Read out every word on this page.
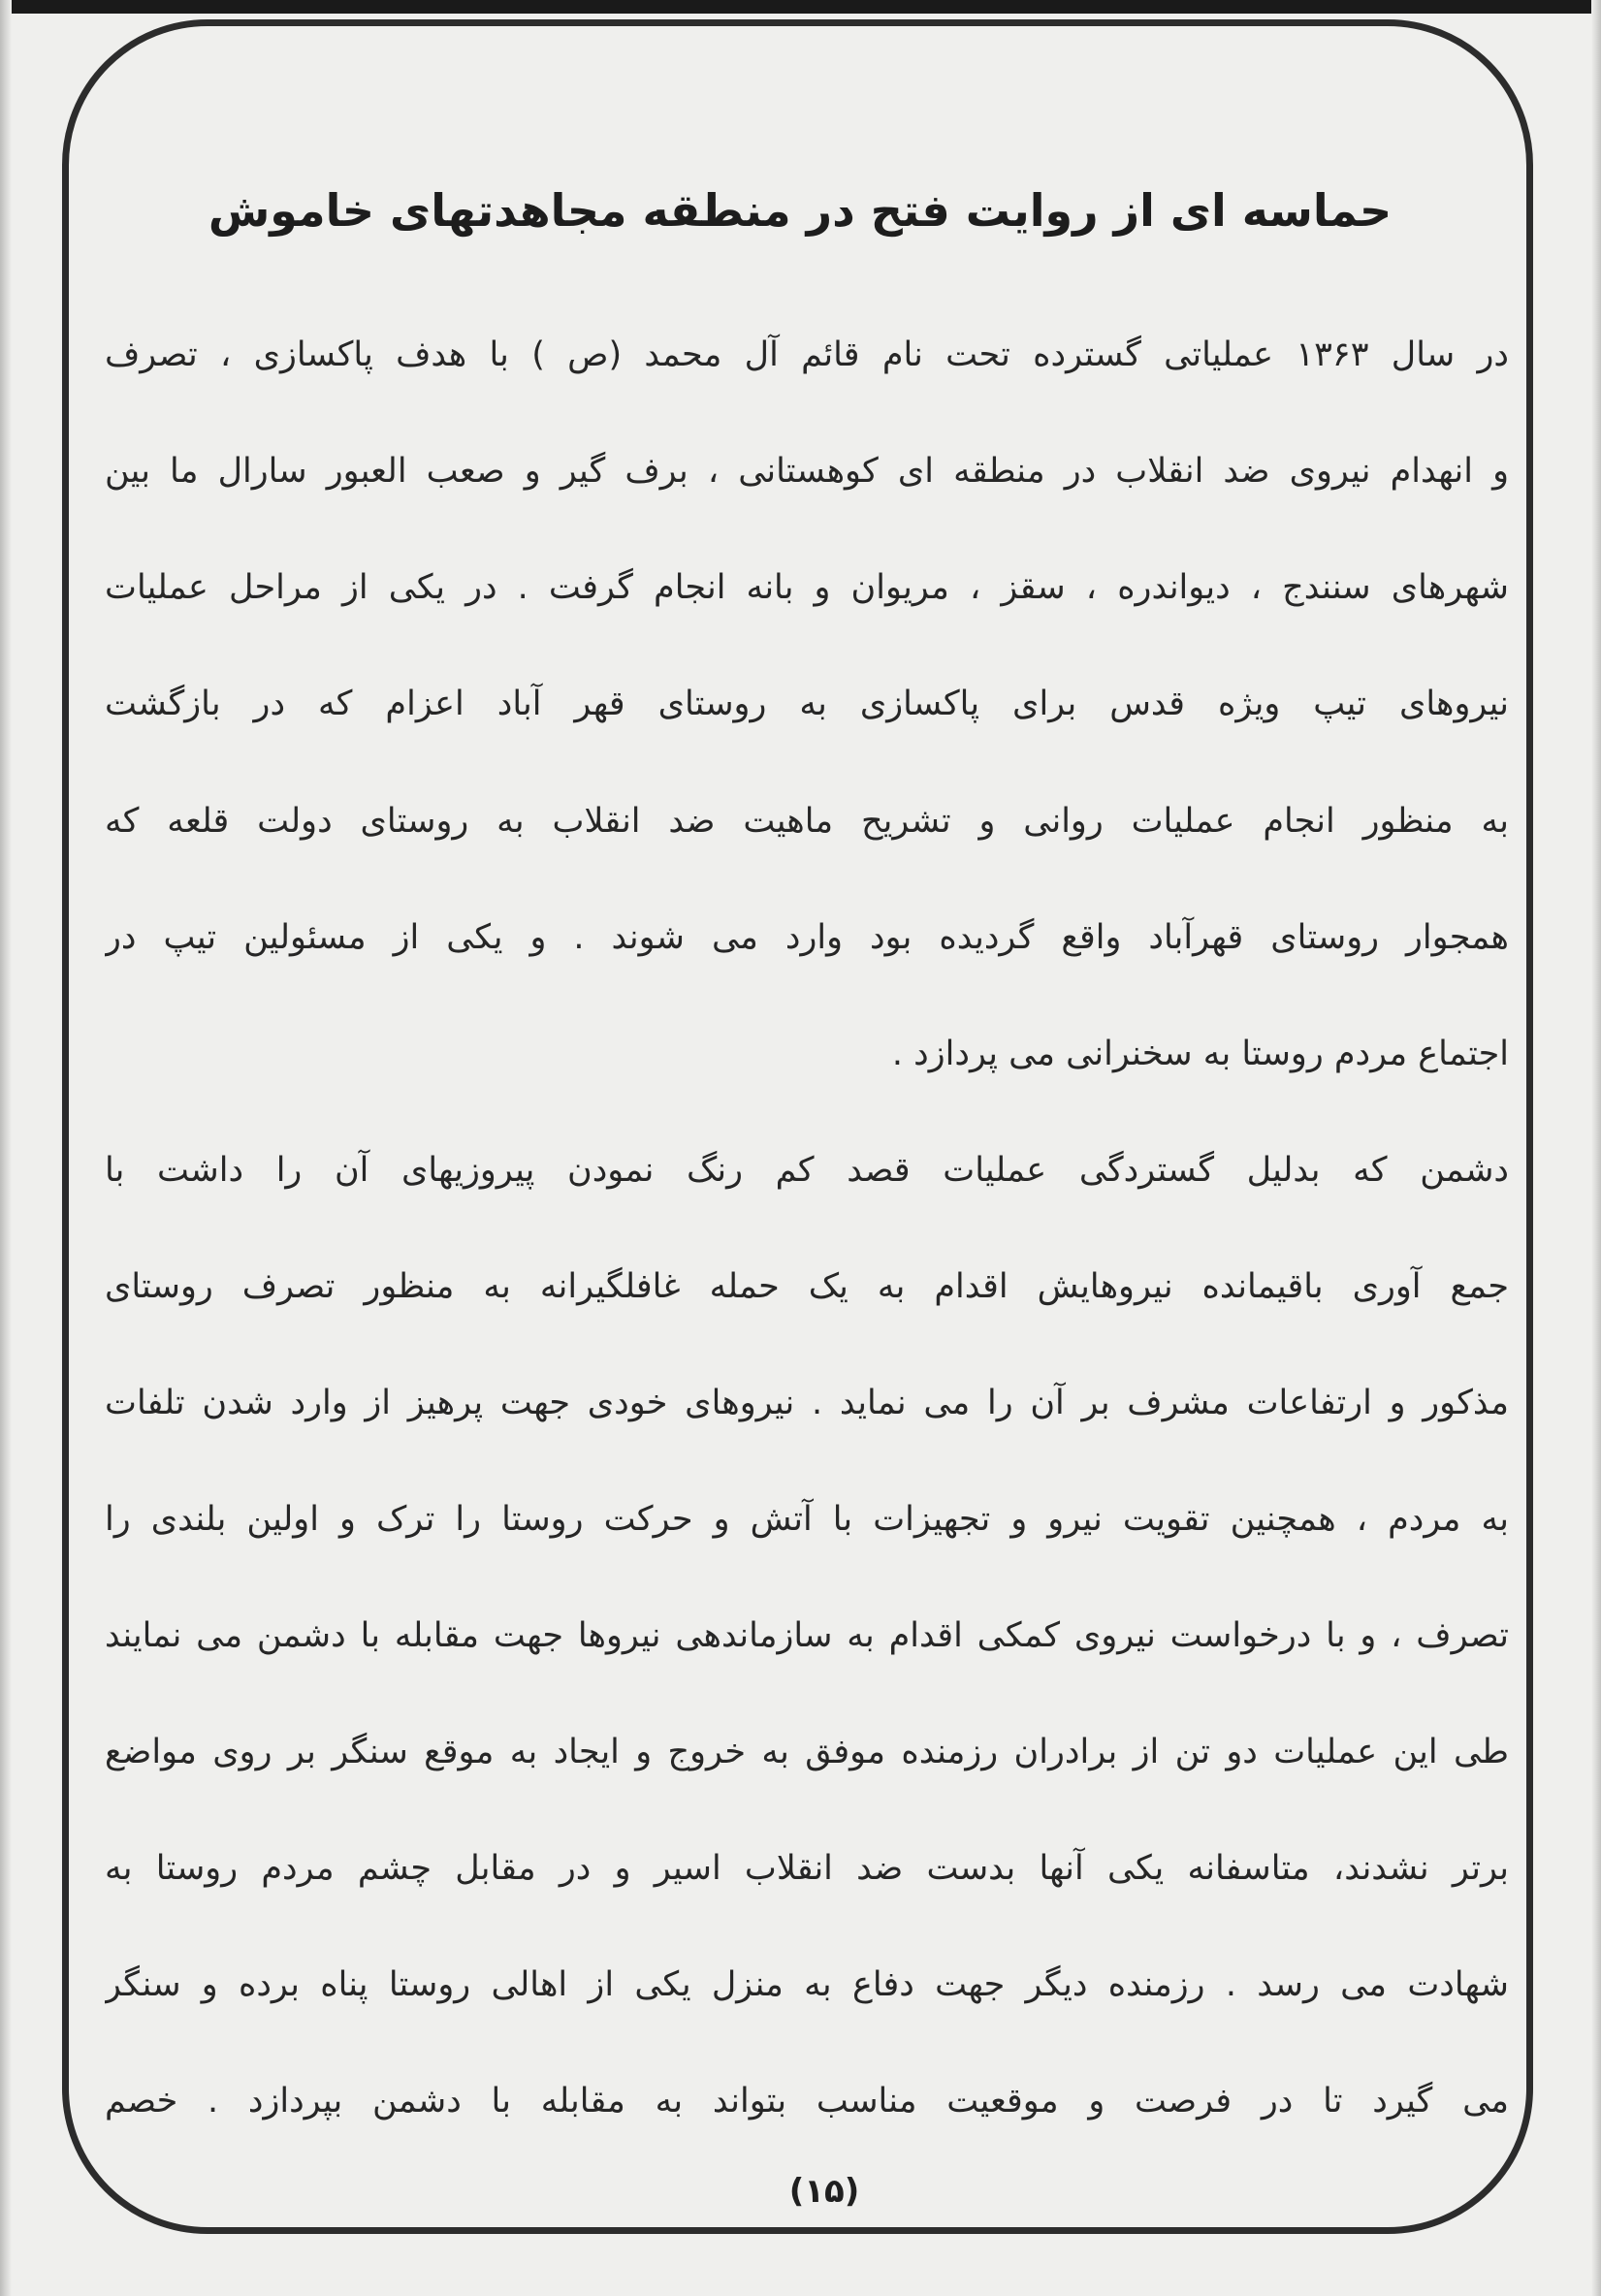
حماسه ای از روایت فتح در منطقه مجاهدتهای خاموش

در سال ۱۳۶۳ عملیاتی گسترده تحت نام قائم آل محمد (ص ) با هدف پاکسازی ، تصرف

و انهدام نیروی ضد انقلاب در منطقه ای کوهستانی ، برف گیر و صعب العبور سارال ما بین

شهرهای سنندج ، دیواندره ، سقز ، مریوان و بانه انجام گرفت . در یکی از مراحل عملیات

نیروهای تیپ ویژه قدس برای پاکسازی به روستای قهر آباد اعزام که در بازگشت

به منظور انجام عملیات روانی و تشریح ماهیت ضد انقلاب به روستای دولت قلعه که

همجوار روستای قهرآباد واقع گردیده بود وارد می شوند . و یکی از مسئولین تیپ در

اجتماع مردم روستا به سخنرانی می پردازد .

دشمن که بدلیل گستردگی عملیات قصد کم رنگ نمودن پیروزیهای آن را داشت با

جمع آوری باقیمانده نیروهایش اقدام به یک حمله غافلگیرانه به منظور تصرف روستای

مذکور و ارتفاعات مشرف بر آن را می نماید . نیروهای خودی جهت پرهیز از وارد شدن تلفات

به مردم ، همچنین تقویت نیرو و تجهیزات با آتش و حرکت روستا را ترک و اولین بلندی را

تصرف ، و با درخواست نیروی کمکی اقدام به سازماندهی نیروها جهت مقابله با دشمن می نمایند

طی این عملیات دو تن از برادران رزمنده موفق به خروج و ایجاد به موقع سنگر بر روی مواضع

برتر نشدند، متاسفانه یکی آنها بدست ضد انقلاب اسیر و در مقابل چشم مردم روستا به

شهادت می رسد . رزمنده دیگر جهت دفاع به منزل یکی از اهالی روستا پناه برده و سنگر

می گیرد تا در فرصت و موقعیت مناسب بتواند به مقابله با دشمن بپردازد . خصم

(۱۵)
